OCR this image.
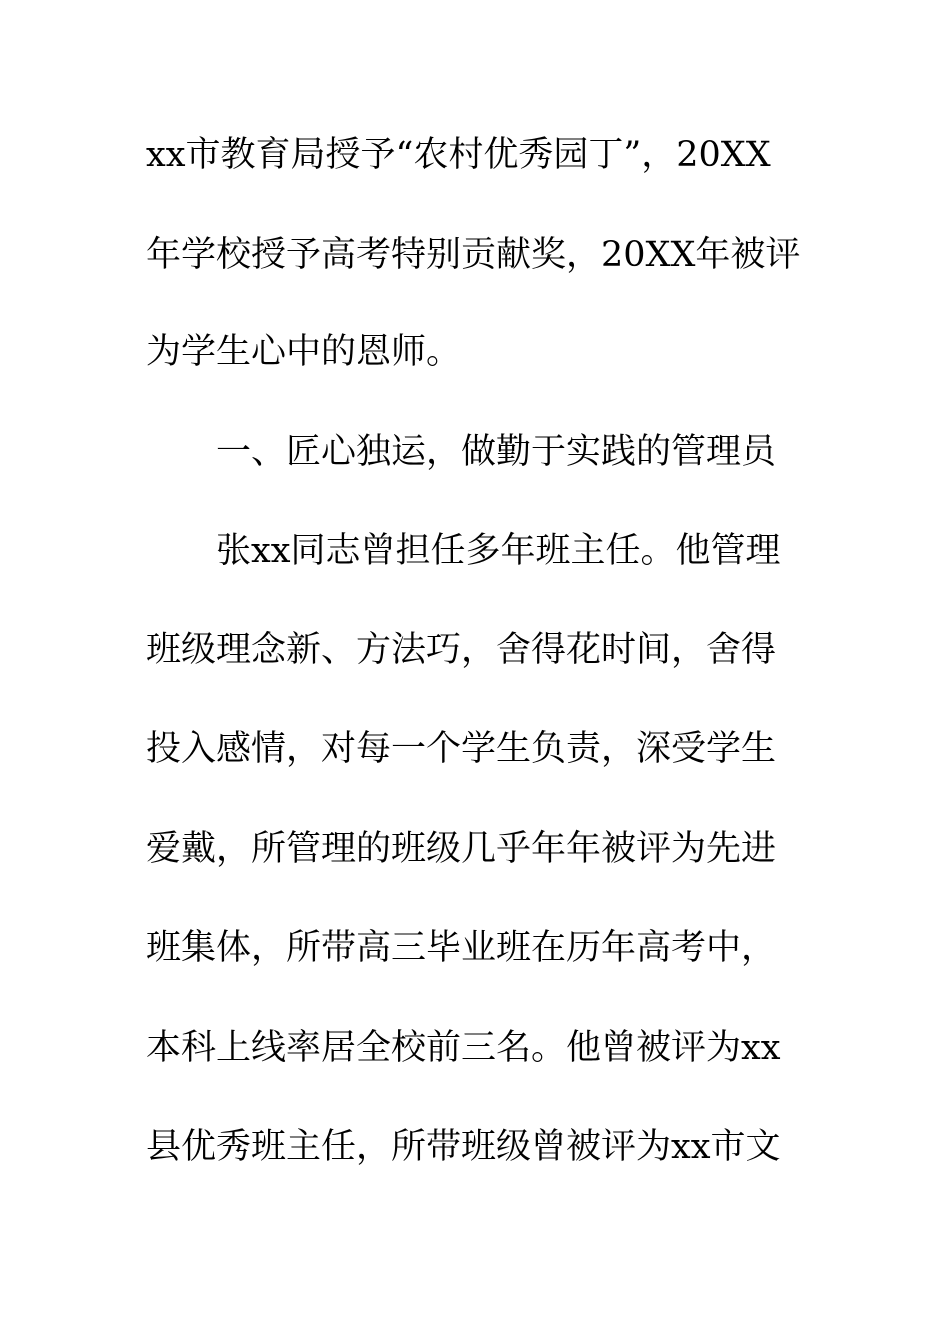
xx市教育局授予“农村优秀园丁”，20XX
年学校授予高考特别贡献奖，20XX年被评
为学生心中的恩师。
一、匠心独运，做勤于实践的管理员
张xx同志曾担任多年班主任。他管理
班级理念新、方法巧，舍得花时间，舍得
投入感情，对每一个学生负责，深受学生
爱戴，所管理的班级几乎年年被评为先进
班集体，所带高三毕业班在历年高考中，
本科上线率居全校前三名。他曾被评为xx
县优秀班主任，所带班级曾被评为xx市文
